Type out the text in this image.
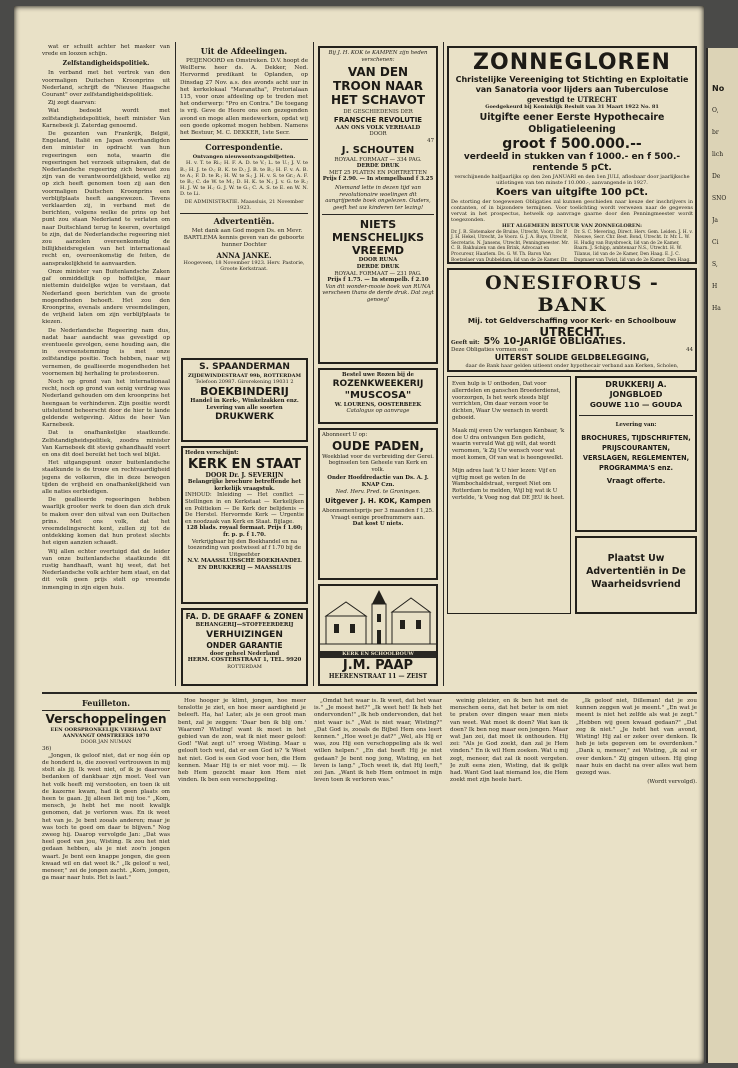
wat er schuilt achter het masker van vrede en loozen schijn.

Zelfstandigheidspolitiek.

In verband met het vertrek van den voormaligen Duitschen Kroonprins uit Nederland, schrijft de "Nieuwe Haagsche Courant" over zelfstandigheidspolitiek.

Zij zegt daarvan:

Wat bedoeld wordt met zelfstandigheidspolitiek, heeft minister Van Karnebeek jl. Zaterdag genoemd.

De gezanten van Frankrijk, België, Engeland, Italië en Japan overhandigden den minister in opdracht van hun regeeringen een nota, waarin die regeeringen het verzoek uitspraken, dat de Nederlandsche regeering zich bewust zou zijn van de verantwoordelijkheid, welke zij op zich heeft genomen toen zij aan den voormaligen Duitschen Kroonprins een verblijfplaats heeft aangewezen. Tevens verklaarden zij, in verband met de berichten, volgens welke de prins op het punt zou staan Nederland te verlaten om naar Duitschland terug te keeren, overtuigd te zijn, dat de Nederlandsche regeering niet zou aarzelen overeenkomstig de billijkheidsregelen van het internationaal recht en, overeenkomstig de feiten, de aansprakelijkheid te aanvaarden.

Onze minister van Buitenlandsche Zaken gaf onmiddellijk op hoffelijke, maar niettemin duidelijke wijze te verstaan, dat Nederland geen berichten van de groote mogendheden behoeft. Het zou den Kroonprins, evenals andere vreemdelingen, de vrijheid laten om zijn verblijfplaats te kiezen.

De Nederlandsche Regeering nam dus, nadat haar aandacht was gevestigd op eventueele gevolgen, eene houding aan, die in overeenstemming is met onze zelfstandige positie. Toch hebben, naar wij vernemen, de geallieerde mogendheden het voornemen bij herhaling te protesteeren.

Noch op grond van het internationaal recht, noch op grond van eenig verdrag was Nederland gehouden om den kroonprins het heengaan te verhinderen. Zijn positie wordt uitsluitend beheerscht door de hier te lande geldende wetgeving. Aldus de heer Van Karnebeek.

Dat is onafhankelijke staatkunde. Zelfstandigheidspolitiek, zoodra minister Van Karnebeek dit stevig gehandhaafd voert en ons dit doel bereikt het toch wel blijkt.

Het uitgangspunt onzer buitenlandsche staatkunde is de trouw en rechtvaardigheid jegens de volkeren, die in deze bewogen tijden de vrijheid en onafhankelijkheid van alle naties eerbiedigen.

De geallieerde regeeringen hebben waarlijk grooter werk te doen dan zich druk te maken over den uitval van een Duitschen prins. Met ons volk, dat het vreemdelingsrecht kent, zullen zij tot de ontdekking komen dat hun protest slechts het eigen aanzien schaadt.

Wij allen echter overtuigd dat de leider van onze buitenlandsche staatkunde dit rustig handhaaft, want hij weet, dat het Nederlandsche volk achter hem staat, en dat dit volk geen prijs stelt op vreemde inmenging in zijn eigen huis.

Uit de Afdeelingen.

PEIJENOORD en Omstreken. D.V. hoopt de WelEerw. heer ds. A. Dekker, Ned. Hervormd predikant te Oplanden, op Dinsdag 27 Nov. a.s. des avonds acht uur in het kerkelokaal "Maranatha", Pretorialaan 115, voor onze afdeeling op te treden met het onderwerp: "Pro en Contra." De toegang is vrij. Geve de Heere ons een gezegenden avond en moge allen medewerken, opdat wij een goede opkomst mogen hebben. Namens het Bestuur, M. C. DEKKER, 1ste Secr.

Correspondentie.
Ontvangen nieuwsontvangsbiljetten.

H. v. T. te Ri.; H. F. A. D. te V.; L. te U.; J. V. te B.; H. J. te O.; B. K. te D.; J. B. te B.; H. F. v. A. B. te A.; F. D. te R.; H. W. te S.; J. H. v. S. te Gr.; A. F. te B.; C. de W. te M.; D. H. K. te N.; J. v. G. te R.; H. J. W. te H.; G. J. W. te G.; C. A. S. te E. en W. N. D. te Li.

DE ADMINISTRATIE. Maassluis, 21 November 1923.
Advertentiën.

Met dank aan God mogen Ds. en Mevr. BARTLEMA kennis geven van de geboorte hunner Dochter

ANNA JANKE.
Hoogeveen, 18 November 1923. Herv. Pastorie, Groote Kerkstraat.
S. SPAANDERMAN
ZIJDEWINDESTRAAT 99b, ROTTERDAM
Telefoon 20987. Girorekening 19031 2
BOEKBINDERIJ
Handel in Kerk-, Winkelzakken enz.
Levering van alle soorten
DRUKWERK
Heden verschijnt:
KERK EN STAAT
DOOR Dr. J. SEVERIJN
Belangrijke brochure betreffende het kerkelijk vraagstuk.
INHOUD: Inleiding — Het conflict — Stellingen in en Kerkstaat — Kerkelijken en Politieken — De Kerk der belijdenis — De Herstel. Hervormde Kerk — Urgentie en noodzaak van Kerk en Staat. Bijlage.
128 blads. royaal formaat. Prijs f 1.60; fr. p. p. f 1.70.
Verkrijgbaar bij den Boekhandel en na toezending van postwissel af f 1.70 bij de Uitgeefster
N.V. MAASSLUISSCHE BOEKHANDEL EN DRUKKERIJ — MAASSLUIS
FA. D. DE GRAAFF & ZONEN
BEHANGERIJ—STOFFEERDERIJ
VERHUIZINGEN
ONDER GARANTIE
door geheel Nederland
HERM. COSTERSTRAAT 1, TEL. 9920
ROTTERDAM
Bij J. H. KOK te KAMPEN zijn heden verschenen:
VAN DEN TROON NAAR HET SCHAVOT
DE GESCHIEDENIS DER
FRANSCHE REVOLUTIE
AAN ONS VOLK VERHAALD
DOOR
47
J. SCHOUTEN
ROYAAL FORMAAT — 334 PAG.
DERDE DRUK
MET 25 PLATEN EN PORTRETTEN
Prijs f 2.90. — In stempelband f 3.25
Niemand lette in dezen tijd van revolutionaire woelingen dit aangrijpende boek ongelezen. Ouders, geeft het uw kinderen ter lezing!
NIETS MENSCHELIJKS VREEMD
DOOR RUNA
DERDE DRUK
ROYAAL FORMAAT — 231 PAG.
Prijs f 1.75. — In stempelb. f 2.10
Van dit wonder-mooie boek van RUNA verscheen thans de derde druk. Dat zegt genoeg!
Bestel uwe Rozen bij de
ROZENKWEEKERIJ
"MUSCOSA"
W. LOURENS, OOSTERBEEK
Catalogus op aanvrage
Abonneert U op:
OUDE PADEN,
Weekblad voor de verbreiding der Gerei. beginselen ten Geheele van Kerk en volk.
Onder Hoofdredactie van Ds. A. J. KNAP Czn.
Ned. Herv. Pred. te Groningen.
Uitgever J. H. KOK, Kampen
Abonnementsprijs per 3 maanden f 1,25. Vraagt eenige proefnummers aan.
Dat kost U niets.
KERK EN SCHOOLBOUW
J.M. PAAP
HEERENSTRAAT 11 — ZEIST
ZONNEGLOREN
Christelijke Vereeniging tot Stichting en Exploitatie van Sanatoria voor lijders aan Tuberculose
gevestigd te UTRECHT
Goedgekeurd bij Koninklijk Besluit van 31 Maart 1922 No. 81
Uitgifte eener Eerste Hypothecaire Obligatieleening
groot f 500.000.--
verdeeld in stukken van f 1000.- en f 500.-
rentende 5 pCt.
verschijnende halfjaarlijks op den 2en JANUARI en den 1en JULI, aflosbaar door jaarlijksche uitlotingen van ten minste f 10.000.-, aanvangende in 1927.
Koers van uitgifte 100 pCt.
De storting der toegewezen Obligaties zal kunnen geschieden naar keuze der inschrijvers in contanten, of in bijzondere termijnen. Voor toelichting wordt verwezen naar de gegevens vervat in het prospectus, hetwelk op aanvrage gaarne door den Penningmeester wordt toegezonden.
HET ALGEMEEN BESTUUR VAN ZONNEGLOREN:
Dr. J. R. Slotemaker de Bruine, Utrecht, Voorz. Dr. P. J. H. Hekel, Utrecht, 2e Voorz. G. J. A. Ruys, Utrecht, Secretaris. N. Jansens, Utrecht, Penningmeester. Mr. C. B. Bakhuizen van den Brink, Advocaat en Procureur, Haarlem. Ds. G. W. Th. Baron Van Boetzelaer van Dubbeldam, lid van de 2e Kamer. Dr.
Dr. S. C. Mevering, Direct. Herv. Gem. Leiden. J. H. v. Nieuwe, Secr. Chr. Best. Bond, Utrecht. Ir. Mr. L. W. H. Hudig van Ruysbroeck, lid van de 2e Kamer, Baarn. J. Schipp, ambtenaar N.S., Utrecht. H. W. Tilanus, lid van de 2e Kamer, Den Haag. E. J. C. Dupmaer van Twist, lid van de 2e Kamer, Den Haag.
ONESIFORUS - BANK
Mij. tot Geldverschaffing voor Kerk- en Schoolbouw
UTRECHT.
Geeft uit: 5% 10-JARIGE OBLIGATIES.
Deze Obligaties vormen een	44
UITERST SOLIDE GELDBELEGGING,
daar de Bank haar gelden uitleent onder hypothecair verband aan Kerken, Scholen,

Even hulp is U ontboden, Dat voor allerrdelen en ganschen Broederdienst, voorzorgen, Is het werk steeds blijf verrichten, Om daar verzen voor te dichten, Waar Uw wensch in wordt geboeid.

Maak mij even Uw verlangen Kenbaar, 'k doe U dra ontvangen Een gedicht, waarin vervuld Wat gij wilt, dat wordt vernomen, 'k Zij Uw wensch voor wat moet komen, Of van wat is heengewelkt.

Mijn adres laat 'k U hier lezen: Vijf en vijftig moet ge weten In de Wambochaldstraat, vergeet Niet om Rotterdam te melden, Wijl bij wat ik U vertelde, 'k Voeg nog dat DE JEU ik heet.

DRUKKERIJ A. JONGBLOED
GOUWE 110 — GOUDA
Levering van:
BROCHURES, TIJDSCHRIFTEN, PRIJSCOURANTEN, VERSLAGEN, REGLEMENTEN, PROGRAMMA'S enz.
Vraagt offerte.
Plaatst Uw Advertentiën in De Waarheidsvriend
Feuilleton.
Verschoppelingen
EEN OORSPRONKELIJK VERHAAL DAT AANVANGT OMSTREEKS 1870
DOOR JAN NUMAN
36)

„Jongen, ik geloof niet, dat er nog één op de honderd is, die zooveel vertrouwen in mij stelt als jij. Ik weet niet, of ik je daarvoor bedanken of dankbaar zijn moet. Veel van het volk heeft mij verstooten, en toen ik uit de kazerne kwam, had ik geen plaats om heen te gaan. Jij alleen liet mij toe." „Kom, mensch, je hebt het me nooit kwalijk genomen, dat je verloren was. En ik weet het van je. Je bent zooals anderen; maar je was toch te goed om daar te blijven." Nog zweeg hij. Daarop vervolgde Jan: „Dat was heel goed van jou, Wisting. Ik zou het niet gedaan hebben, als je niet zoo'n jongen waart. Je bent een knappe jongen, die geen kwaad wil en dat weet ik." „Ik geloof u wel, meneer," zei de jongen zacht. „Kom, jongen, ga maar naar huis. Het is laat."

Hoe hooger je klimt, jongen, hoe meer tenslotte je ziet, en hoe meer aardigheid je beleeft. Ha, ha! Later, als je een groot man bent, zal je zeggen: 'Daar ben ik blij om.' Waarom? Wisting! want ik moet in het gebied van de zon, wat ik niet meer geloof: God! "Wat zegt u!" vroeg Wisting. Maar u gelooft toch wel, dat er een God is? 'k Weet het niet. God is een God voor hen, die Hem kennen. Maar Hij is er niet voor mij. — Ik heb Hem gezocht maar kon Hem niet vinden. Ik ben een verschoppeling.

„Omdat het waar is. Ik weet, dat het waar is." „Je moest het?" „Ik weet het! Ik heb het ondervonden!" „Ik heb ondervonden, dat het niet waar is." „Wat is niet waar, Wisting?" „Dat God is, zooals de Bijbel Hem ons leert kennen." „Hoe weet je dat?" „Wel, als Hij er was, zou Hij een verschoppeling als ik wel willen helpen." „En dat heeft Hij je niet gedaan? Je bent nog jong, Wisting, en het leven is lang." „Toch weet ik, dat Hij leeft," zei Jan. „Want ik heb Hem ontmoet in mijn leven toen ik verloren was."

weinig pleizier, en ik ben het met de menschen eens, dat het beter is om niet te praten over dingen waar men niets van weet. Wat moet ik doen? Wat kan ik doen? Ik ben nog maar een jongen. Maar wat Jan zei, dat moet ik onthouden. Hij zei: "Als je God zoekt, dan zal je Hem vinden." En ik wil Hem zoeken. Wat u mij zegt, meneer, dat zal ik nooit vergeten. Je zult eens zien, Wisting, dat ik gelijk had. Want God laat niemand los, die Hem zoekt met zijn heele hart.

„Ik geloof niet, Dilleman! dat je zou kunnen zeggen wat je meent." „En wat je meent is niet het zelfde als wat je zegt." „Hebben wij geen kwaad gedaan?" „Dat zeg ik niet." „Je hebt het van avond, Wisting! Hij zal er zeker over denken. Ik heb je iets gegeven om te overdenken." „Dank u, meneer," zei Wisting, „ik zal er over denken." Zij gingen uiteen. Hij ging naar huis en dacht na over alles wat hem gezegd was.

(Wordt vervolgd).
No
O,
br
lich
De
SNO
Ja
Ci
S,
H
Ha
